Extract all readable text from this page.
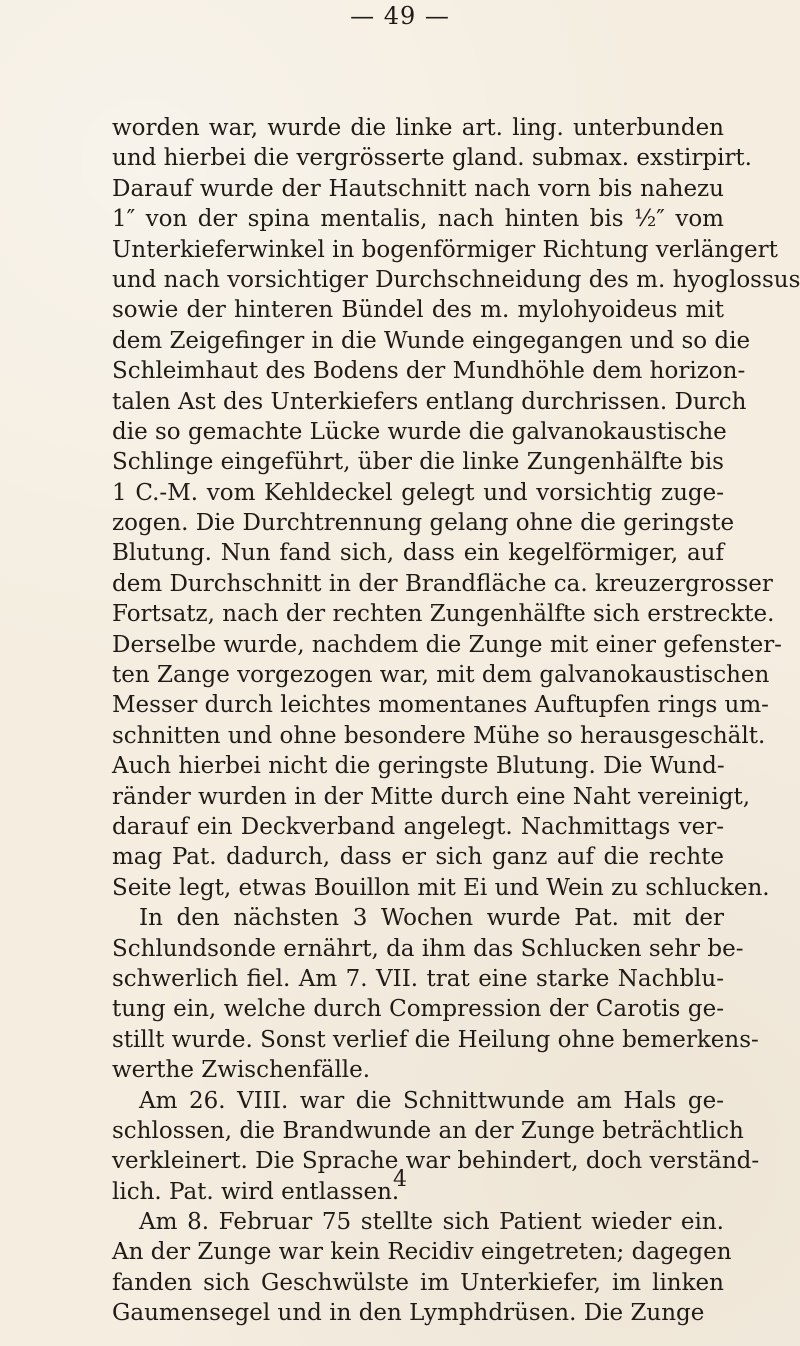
— 49 —
worden war, wurde die linke art. ling. unterbunden
und hierbei die vergrösserte gland. submax. exstirpirt.
Darauf wurde der Hautschnitt nach vorn bis nahezu
1″ von der spina mentalis, nach hinten bis ½″ vom
Unterkieferwinkel in bogenförmiger Richtung verlängert
und nach vorsichtiger Durchschneidung des m. hyoglossus
sowie der hinteren Bündel des m. mylohyoideus mit
dem Zeigefinger in die Wunde eingegangen und so die
Schleimhaut des Bodens der Mundhöhle dem horizon-
talen Ast des Unterkiefers entlang durchrissen. Durch
die so gemachte Lücke wurde die galvanokaustische
Schlinge eingeführt, über die linke Zungenhälfte bis
1 C.-M. vom Kehldeckel gelegt und vorsichtig zuge-
zogen. Die Durchtrennung gelang ohne die geringste
Blutung. Nun fand sich, dass ein kegelförmiger, auf
dem Durchschnitt in der Brandfläche ca. kreuzergrosser
Fortsatz, nach der rechten Zungenhälfte sich erstreckte.
Derselbe wurde, nachdem die Zunge mit einer gefenster-
ten Zange vorgezogen war, mit dem galvanokaustischen
Messer durch leichtes momentanes Auftupfen rings um-
schnitten und ohne besondere Mühe so herausgeschält.
Auch hierbei nicht die geringste Blutung. Die Wund-
ränder wurden in der Mitte durch eine Naht vereinigt,
darauf ein Deckverband angelegt. Nachmittags ver-
mag Pat. dadurch, dass er sich ganz auf die rechte
Seite legt, etwas Bouillon mit Ei und Wein zu schlucken.
In den nächsten 3 Wochen wurde Pat. mit der
Schlundsonde ernährt, da ihm das Schlucken sehr be-
schwerlich fiel. Am 7. VII. trat eine starke Nachblu-
tung ein, welche durch Compression der Carotis ge-
stillt wurde. Sonst verlief die Heilung ohne bemerkens-
werthe Zwischenfälle.
Am 26. VIII. war die Schnittwunde am Hals ge-
schlossen, die Brandwunde an der Zunge beträchtlich
verkleinert. Die Sprache war behindert, doch verständ-
lich. Pat. wird entlassen.
Am 8. Februar 75 stellte sich Patient wieder ein.
An der Zunge war kein Recidiv eingetreten; dagegen
fanden sich Geschwülste im Unterkiefer, im linken
Gaumensegel und in den Lymphdrüsen. Die Zunge
4
